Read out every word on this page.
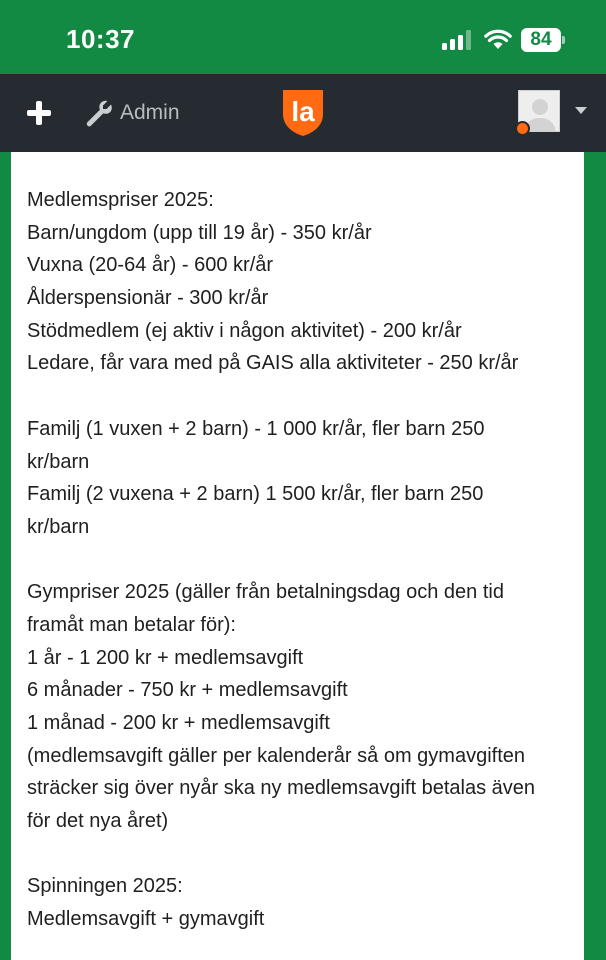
10:37	84
Admin	la
Medlemspriser 2025:
Barn/ungdom (upp till 19 år) - 350 kr/år
Vuxna (20-64 år) - 600 kr/år
Ålderspensionär - 300 kr/år
Stödmedlem (ej aktiv i någon aktivitet) - 200 kr/år
Ledare, får vara med på GAIS alla aktiviteter - 250 kr/år
Familj (1 vuxen + 2 barn) - 1 000 kr/år, fler barn 250
kr/barn
Familj (2 vuxena + 2 barn) 1 500 kr/år, fler barn 250
kr/barn
Gympriser 2025 (gäller från betalningsdag och den tid
framåt man betalar för):
1 år - 1 200 kr + medlemsavgift
6 månader - 750 kr + medlemsavgift
1 månad - 200 kr + medlemsavgift
(medlemsavgift gäller per kalenderår så om gymavgiften
sträcker sig över nyår ska ny medlemsavgift betalas även
för det nya året)
Spinningen 2025:
Medlemsavgift + gymavgift
